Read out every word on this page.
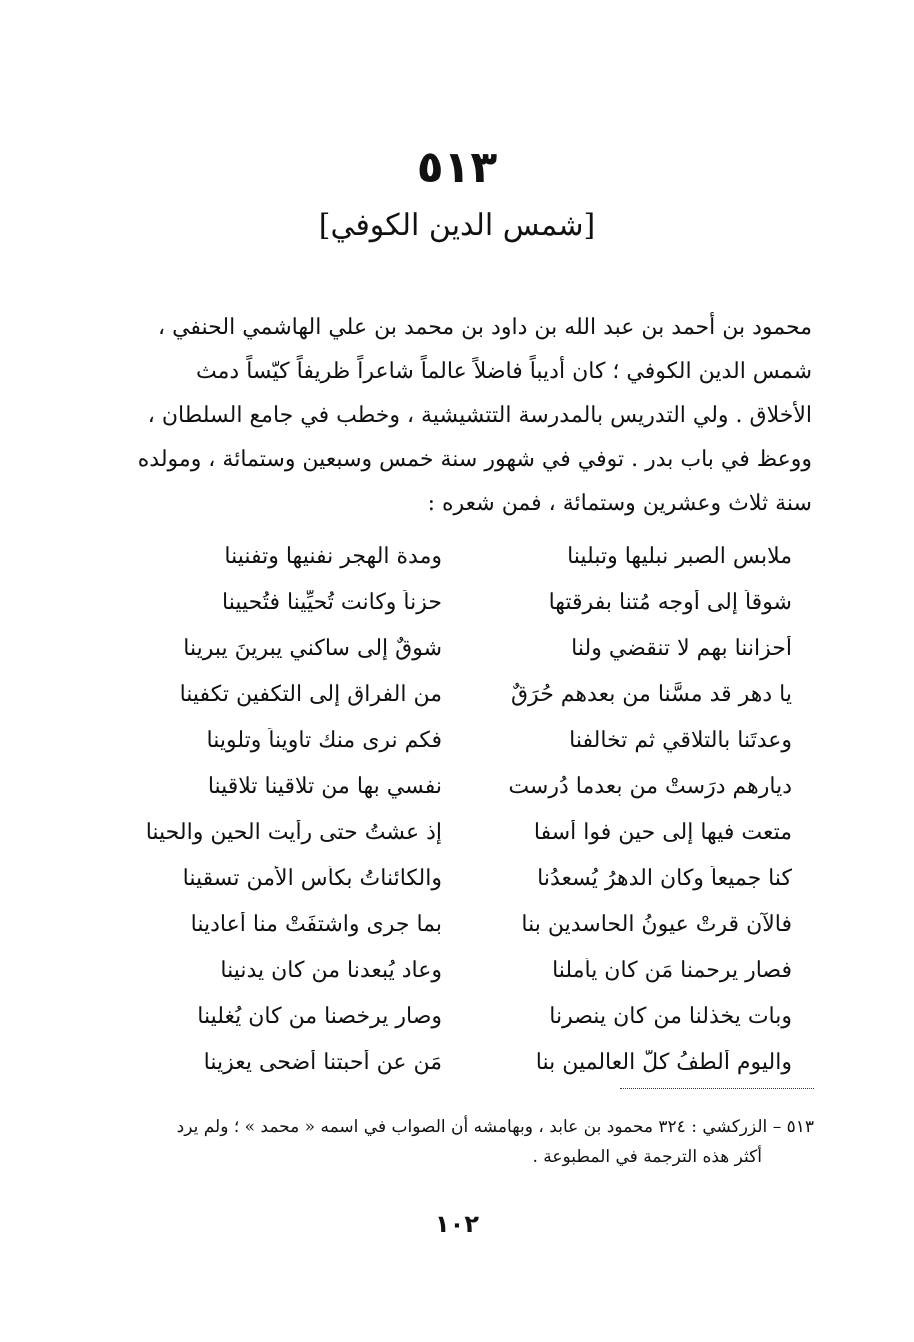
٥١٣
[شمس الدين الكوفي]

محمود بن أحمد بن عبد الله بن داود بن محمد بن علي الهاشمي الحنفي ،

شمس الدين الكوفي ؛ كان أديباً فاضلاً عالماً شاعراً ظريفاً كيّساً دمث

الأخلاق . ولي التدريس بالمدرسة التتشيشية ، وخطب في جامع السلطان ،

ووعظ في باب بدر . توفي في شهور سنة خمس وسبعين وستمائة ، ومولده

سنة ثلاث وعشرين وستمائة ، فمن شعره :

ملابس الصبر نبليها وتبلينا
ومدة الهجر نفنيها وتفنينا
شوقاً إلى أوجه مُتنا بفرقتها
حزناً وكانت تُحيِّينا فتُحيينا
أحزاننا بهم لا تنقضي ولنا
شوقٌ إلى ساكني يبرينَ يبرينا
يا دهر قد مسَّنا من بعدهم حُرَقٌ
من الفراق إلى التكفين تكفينا
وعدتَنا بالتلاقي ثم تخالفنا
فكم نرى منك تاويناً وتلوينا
ديارهم درَستْ من بعدما دُرست
نفسي بها من تلاقينا تلاقينا
متعت فيها إلى حين فوا أسفا
إذ عشتُ حتى رأيت الحين والحينا
كنا جميعاً وكان الدهرُ يُسعدُنا
والكائناتُ بكأسِ الأمن تسقينا
فالآن قرتْ عيونُ الحاسدين بنا
بما جرى واشتفَتْ منا أعادينا
فصار يرحمنا مَن كان يأملنا
وعاد يُبعدنا من كان يدنينا
وبات يخذلنا من كان ينصرنا
وصار يرخصنا من كان يُغلينا
واليوم ألطفُ كلّ العالمين بنا
مَن عن أحبتنا أضحى يعزينا

٥١٣ – الزركشي : ٣٢٤ محمود بن عابد ، وبهامشه أن الصواب في اسمه « محمد » ؛ ولم يرد

أكثر هذه الترجمة في المطبوعة .

١٠٢
